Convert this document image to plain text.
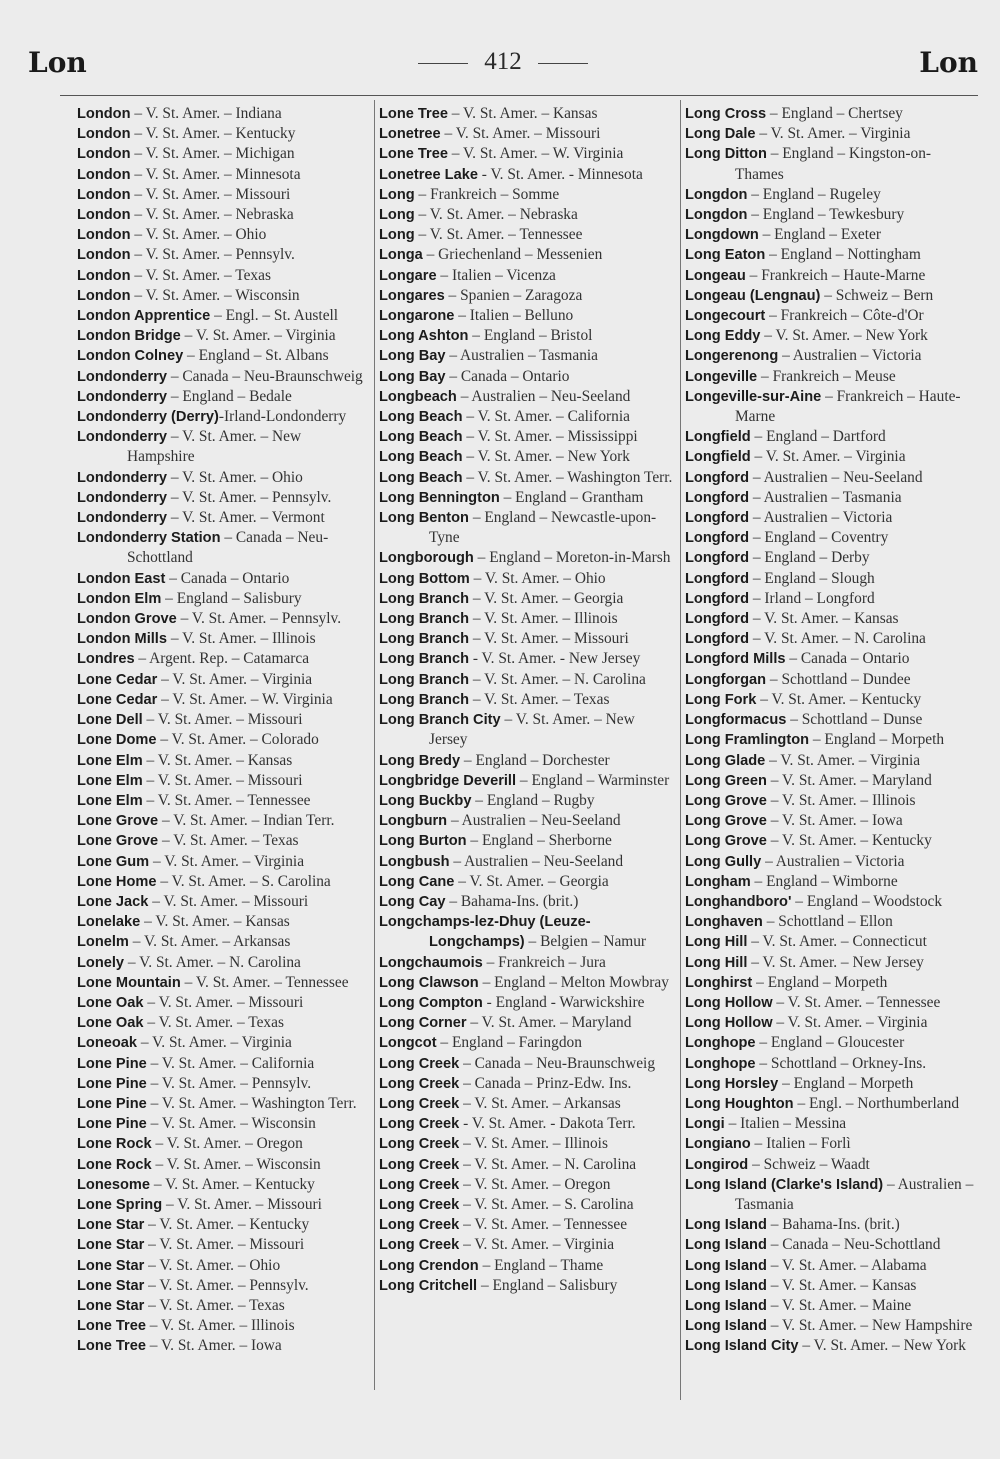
Lon	412	Lon
London – V. St. Amer. – Indiana
London – V. St. Amer. – Kentucky
London – V. St. Amer. – Michigan
London – V. St. Amer. – Minnesota
London – V. St. Amer. – Missouri
London – V. St. Amer. – Nebraska
London – V. St. Amer. – Ohio
London – V. St. Amer. – Pennsylv.
London – V. St. Amer. – Texas
London – V. St. Amer. – Wisconsin
London Apprentice – Engl. – St. Austell
London Bridge – V. St. Amer. – Virginia
London Colney – England – St. Albans
Londonderry – Canada – Neu-Braunschweig
Londonderry – England – Bedale
Londonderry (Derry)-Irland-Londonderry
Londonderry – V. St. Amer. – New Hampshire
Londonderry – V. St. Amer. – Ohio
Londonderry – V. St. Amer. – Pennsylv.
Londonderry – V. St. Amer. – Vermont
Londonderry Station – Canada – Neu-Schottland
London East – Canada – Ontario
London Elm – England – Salisbury
London Grove – V. St. Amer. – Pennsylv.
London Mills – V. St. Amer. – Illinois
Londres – Argent. Rep. – Catamarca
Lone Cedar – V. St. Amer. – Virginia
Lone Cedar – V. St. Amer. – W. Virginia
Lone Dell – V. St. Amer. – Missouri
Lone Dome – V. St. Amer. – Colorado
Lone Elm – V. St. Amer. – Kansas
Lone Elm – V. St. Amer. – Missouri
Lone Elm – V. St. Amer. – Tennessee
Lone Grove – V. St. Amer. – Indian Terr.
Lone Grove – V. St. Amer. – Texas
Lone Gum – V. St. Amer. – Virginia
Lone Home – V. St. Amer. – S. Carolina
Lone Jack – V. St. Amer. – Missouri
Lonelake – V. St. Amer. – Kansas
Lonelm – V. St. Amer. – Arkansas
Lonely – V. St. Amer. – N. Carolina
Lone Mountain – V. St. Amer. – Tennessee
Lone Oak – V. St. Amer. – Missouri
Lone Oak – V. St. Amer. – Texas
Loneoak – V. St. Amer. – Virginia
Lone Pine – V. St. Amer. – California
Lone Pine – V. St. Amer. – Pennsylv.
Lone Pine – V. St. Amer. – Washington Terr.
Lone Pine – V. St. Amer. – Wisconsin
Lone Rock – V. St. Amer. – Oregon
Lone Rock – V. St. Amer. – Wisconsin
Lonesome – V. St. Amer. – Kentucky
Lone Spring – V. St. Amer. – Missouri
Lone Star – V. St. Amer. – Kentucky
Lone Star – V. St. Amer. – Missouri
Lone Star – V. St. Amer. – Ohio
Lone Star – V. St. Amer. – Pennsylv.
Lone Star – V. St. Amer. – Texas
Lone Tree – V. St. Amer. – Illinois
Lone Tree – V. St. Amer. – Iowa
Lone Tree – V. St. Amer. – Kansas
Lonetree – V. St. Amer. – Missouri
Lone Tree – V. St. Amer. – W. Virginia
Lonetree Lake - V. St. Amer. - Minnesota
Long – Frankreich – Somme
Long – V. St. Amer. – Nebraska
Long – V. St. Amer. – Tennessee
Longa – Griechenland – Messenien
Longare – Italien – Vicenza
Longares – Spanien – Zaragoza
Longarone – Italien – Belluno
Long Ashton – England – Bristol
Long Bay – Australien – Tasmania
Long Bay – Canada – Ontario
Longbeach – Australien – Neu-Seeland
Long Beach – V. St. Amer. – California
Long Beach – V. St. Amer. – Mississippi
Long Beach – V. St. Amer. – New York
Long Beach – V. St. Amer. – Washington Terr.
Long Bennington – England – Grantham
Long Benton – England – Newcastle-upon-Tyne
Longborough – England – Moreton-in-Marsh
Long Bottom – V. St. Amer. – Ohio
Long Branch – V. St. Amer. – Georgia
Long Branch – V. St. Amer. – Illinois
Long Branch – V. St. Amer. – Missouri
Long Branch - V. St. Amer. - New Jersey
Long Branch – V. St. Amer. – N. Carolina
Long Branch – V. St. Amer. – Texas
Long Branch City – V. St. Amer. – New Jersey
Long Bredy – England – Dorchester
Longbridge Deverill – England – Warminster
Long Buckby – England – Rugby
Longburn – Australien – Neu-Seeland
Long Burton – England – Sherborne
Longbush – Australien – Neu-Seeland
Long Cane – V. St. Amer. – Georgia
Long Cay – Bahama-Ins. (brit.)
Longchamps-lez-Dhuy (Leuze-Longchamps) – Belgien – Namur
Longchaumois – Frankreich – Jura
Long Clawson – England – Melton Mowbray
Long Compton - England - Warwickshire
Long Corner – V. St. Amer. – Maryland
Longcot – England – Faringdon
Long Creek – Canada – Neu-Braunschweig
Long Creek – Canada – Prinz-Edw. Ins.
Long Creek – V. St. Amer. – Arkansas
Long Creek - V. St. Amer. - Dakota Terr.
Long Creek – V. St. Amer. – Illinois
Long Creek – V. St. Amer. – N. Carolina
Long Creek – V. St. Amer. – Oregon
Long Creek – V. St. Amer. – S. Carolina
Long Creek – V. St. Amer. – Tennessee
Long Creek – V. St. Amer. – Virginia
Long Crendon – England – Thame
Long Critchell – England – Salisbury
Long Cross – England – Chertsey
Long Dale – V. St. Amer. – Virginia
Long Ditton – England – Kingston-on-Thames
Longdon – England – Rugeley
Longdon – England – Tewkesbury
Longdown – England – Exeter
Long Eaton – England – Nottingham
Longeau – Frankreich – Haute-Marne
Longeau (Lengnau) – Schweiz – Bern
Longecourt – Frankreich – Côte-d'Or
Long Eddy – V. St. Amer. – New York
Longerenong – Australien – Victoria
Longeville – Frankreich – Meuse
Longeville-sur-Aine – Frankreich – Haute-Marne
Longfield – England – Dartford
Longfield – V. St. Amer. – Virginia
Longford – Australien – Neu-Seeland
Longford – Australien – Tasmania
Longford – Australien – Victoria
Longford – England – Coventry
Longford – England – Derby
Longford – England – Slough
Longford – Irland – Longford
Longford – V. St. Amer. – Kansas
Longford – V. St. Amer. – N. Carolina
Longford Mills – Canada – Ontario
Longforgan – Schottland – Dundee
Long Fork – V. St. Amer. – Kentucky
Longformacus – Schottland – Dunse
Long Framlington – England – Morpeth
Long Glade – V. St. Amer. – Virginia
Long Green – V. St. Amer. – Maryland
Long Grove – V. St. Amer. – Illinois
Long Grove – V. St. Amer. – Iowa
Long Grove – V. St. Amer. – Kentucky
Long Gully – Australien – Victoria
Longham – England – Wimborne
Longhandboro' – England – Woodstock
Longhaven – Schottland – Ellon
Long Hill – V. St. Amer. – Connecticut
Long Hill – V. St. Amer. – New Jersey
Longhirst – England – Morpeth
Long Hollow – V. St. Amer. – Tennessee
Long Hollow – V. St. Amer. – Virginia
Longhope – England – Gloucester
Longhope – Schottland – Orkney-Ins.
Long Horsley – England – Morpeth
Long Houghton – Engl. – Northumberland
Longi – Italien – Messina
Longiano – Italien – Forlì
Longirod – Schweiz – Waadt
Long Island (Clarke's Island) – Australien – Tasmania
Long Island – Bahama-Ins. (brit.)
Long Island – Canada – Neu-Schottland
Long Island – V. St. Amer. – Alabama
Long Island – V. St. Amer. – Kansas
Long Island – V. St. Amer. – Maine
Long Island – V. St. Amer. – New Hampshire
Long Island City – V. St. Amer. – New York
